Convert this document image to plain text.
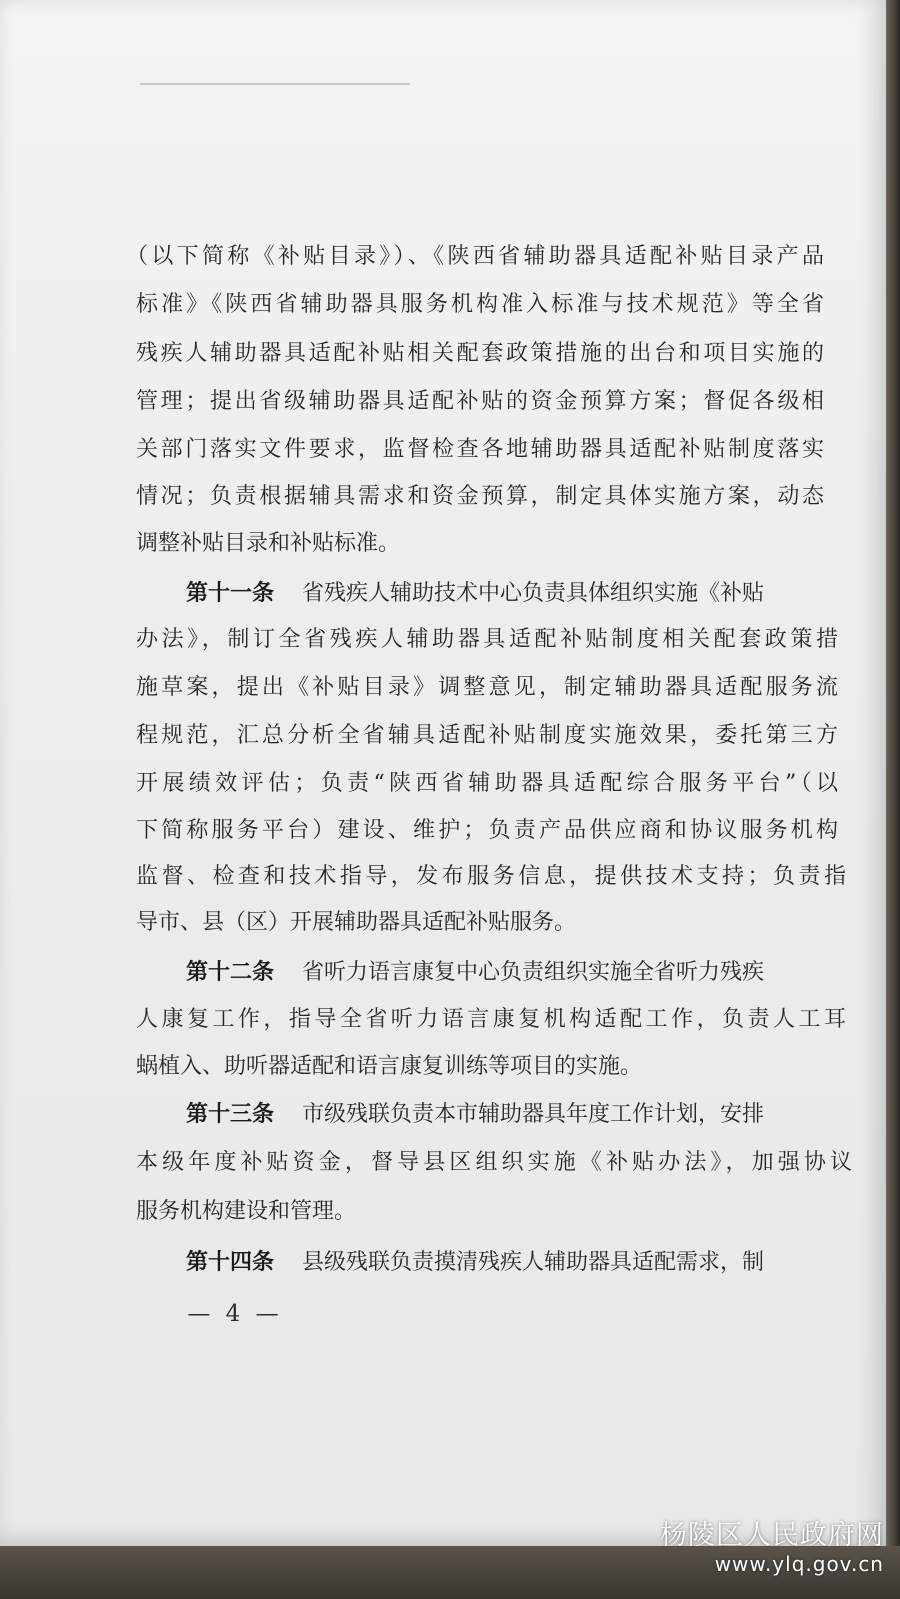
（以下简称《补贴目录》）、《陕西省辅助器具适配补贴目录产品

标准》《陕西省辅助器具服务机构准入标准与技术规范》等全省

残疾人辅助器具适配补贴相关配套政策措施的出台和项目实施的

管理；提出省级辅助器具适配补贴的资金预算方案；督促各级相

关部门落实文件要求，监督检查各地辅助器具适配补贴制度落实

情况；负责根据辅具需求和资金预算，制定具体实施方案，动态

调整补贴目录和补贴标准。

第十一条 省残疾人辅助技术中心负责具体组织实施《补贴

办法》，制订全省残疾人辅助器具适配补贴制度相关配套政策措

施草案，提出《补贴目录》调整意见，制定辅助器具适配服务流

程规范，汇总分析全省辅具适配补贴制度实施效果，委托第三方

开展绩效评估；负责“陕西省辅助器具适配综合服务平台”（以

下简称服务平台）建设、维护；负责产品供应商和协议服务机构

监督、检查和技术指导，发布服务信息，提供技术支持；负责指

导市、县（区）开展辅助器具适配补贴服务。

第十二条 省听力语言康复中心负责组织实施全省听力残疾

人康复工作，指导全省听力语言康复机构适配工作，负责人工耳

蜗植入、助听器适配和语言康复训练等项目的实施。

第十三条 市级残联负责本市辅助器具年度工作计划，安排

本级年度补贴资金，督导县区组织实施《补贴办法》，加强协议

服务机构建设和管理。

第十四条 县级残联负责摸清残疾人辅助器具适配需求，制

— 4 —
杨陵区人民政府网
www.ylq.gov.cn
